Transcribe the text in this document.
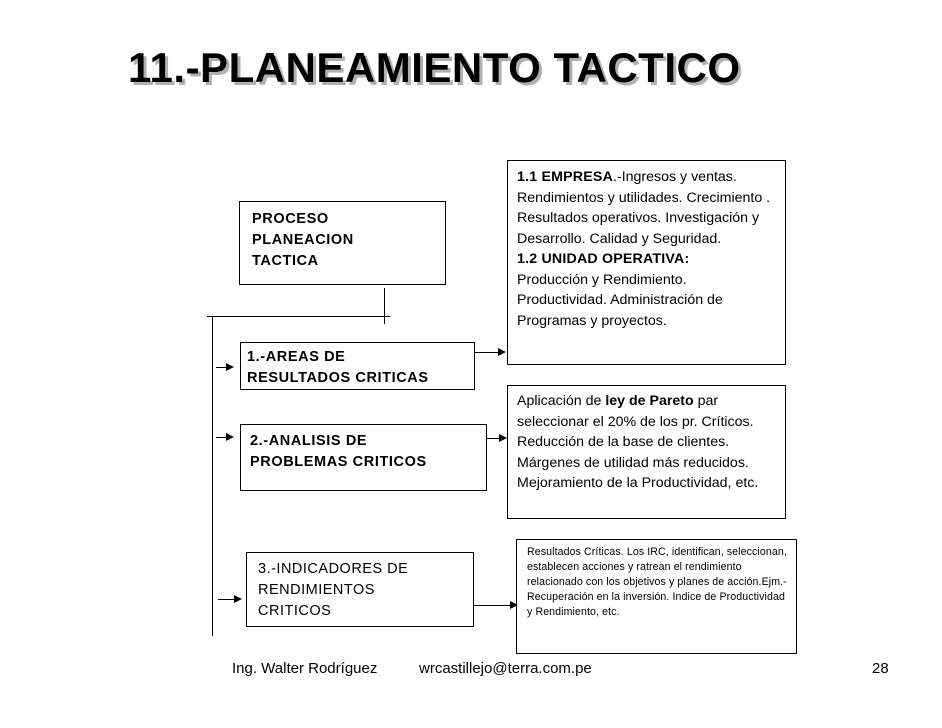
11.-PLANEAMIENTO TACTICO
PROCESO
PLANEACION
TACTICA
1.-AREAS DE
RESULTADOS CRITICAS
2.-ANALISIS DE
PROBLEMAS CRITICOS
3.-INDICADORES DE
RENDIMIENTOS
CRITICOS
1.1 EMPRESA.-Ingresos y ventas. Rendimientos y utilidades. Crecimiento . Resultados operativos. Investigación y Desarrollo. Calidad y Seguridad.
1.2 UNIDAD OPERATIVA:
Producción y Rendimiento. Productividad. Administración de Programas y proyectos.
Aplicación de ley de Pareto par seleccionar el 20% de los pr. Críticos. Reducción de la base de clientes. Márgenes de utilidad más reducidos. Mejoramiento de la Productividad, etc.
Resultados Críticas. Los IRC, identifican, seleccionan, establecen acciones y ratrean el rendimiento relacionado con los objetivos y planes de acción.Ejm.-Recuperación en la inversión. Indice de Productividad y Rendimiento, etc.
Ing. Walter Rodríguez	wrcastillejo@terra.com.pe	28
